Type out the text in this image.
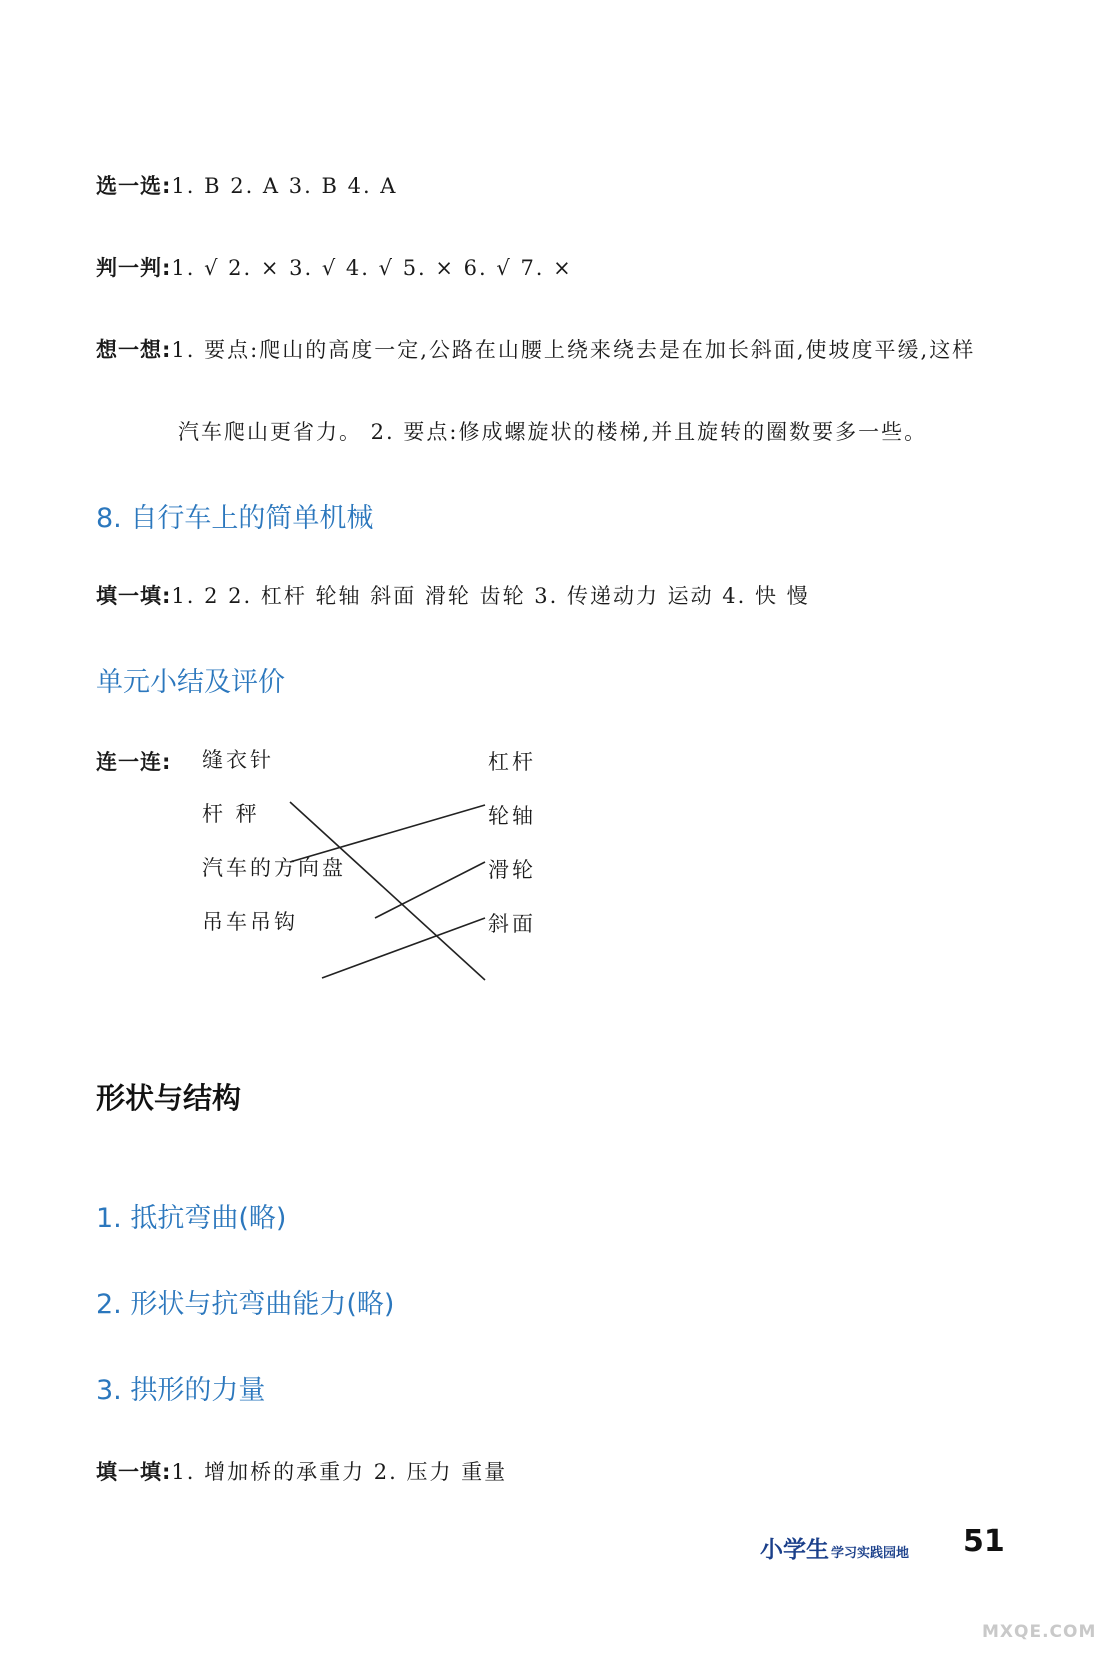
选一选:1. B 2. A 3. B 4. A
判一判:1. √ 2. × 3. √ 4. √ 5. × 6. √ 7. ×
想一想:1. 要点:爬山的高度一定,公路在山腰上绕来绕去是在加长斜面,使坡度平缓,这样
汽车爬山更省力。 2. 要点:修成螺旋状的楼梯,并且旋转的圈数要多一些。
8. 自行车上的简单机械
填一填:1. 2 2. 杠杆 轮轴 斜面 滑轮 齿轮 3. 传递动力 运动 4. 快 慢
单元小结及评价
连一连: 缝衣针
杆 秤
汽车的方向盘
吊车吊钩
杠杆
轮轴
滑轮
斜面
形状与结构
1. 抵抗弯曲(略)
2. 形状与抗弯曲能力(略)
3. 拱形的力量
填一填:1. 增加桥的承重力 2. 压力 重量
小学生 学习实践园地 51
MXQE.COM
